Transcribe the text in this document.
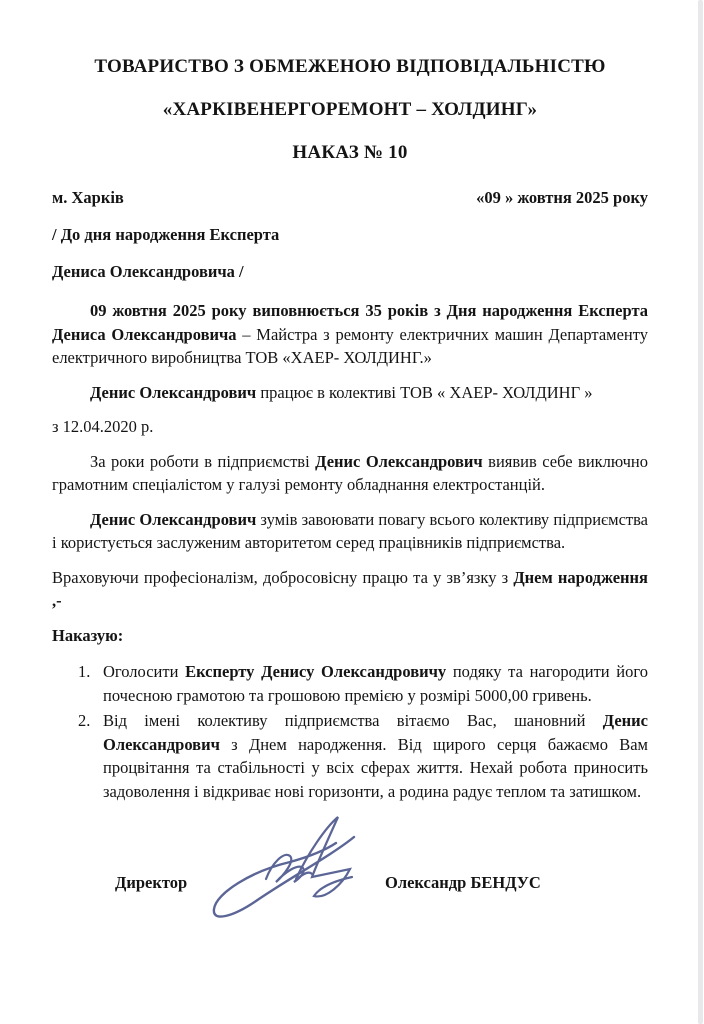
ТОВАРИСТВО З ОБМЕЖЕНОЮ ВІДПОВІДАЛЬНІСТЮ
«ХАРКІВЕНЕРГОРЕМОНТ – ХОЛДИНГ»
НАКАЗ № 10
м. Харків	«09 » жовтня 2025 року
/ До дня народження Експерта
Дениса Олександровича /
09 жовтня 2025 року виповнюється 35 років з Дня народження Експерта Дениса Олександровича – Майстра з ремонту електричних машин Департаменту електричного виробництва ТОВ «ХАЕР- ХОЛДИНГ.»
Денис Олександрович працює в колективі ТОВ « ХАЕР- ХОЛДИНГ »
з 12.04.2020 р.
За роки роботи в підприємстві Денис Олександрович виявив себе виключно грамотним спеціалістом у галузі ремонту обладнання електростанцій.
Денис Олександрович зумів завоювати повагу всього колективу підприємства і користується заслуженим авторитетом серед працівників підприємства.
Враховуючи професіоналізм, добросовісну працю та у зв’язку з Днем народження ,-
Наказую:
1. Оголосити Експерту Денису Олександровичу подяку та нагородити його почесною грамотою та грошовою премією у розмірі 5000,00 гривень.
2. Від імені колективу підприємства вітаємо Вас, шановний Денис Олександрович з Днем народження. Від щирого серця бажаємо Вам процвітання та стабільності у всіх сферах життя. Нехай робота приносить задоволення і відкриває нові горизонти, а родина радує теплом та затишком.
Директор	Олександр БЕНДУС
